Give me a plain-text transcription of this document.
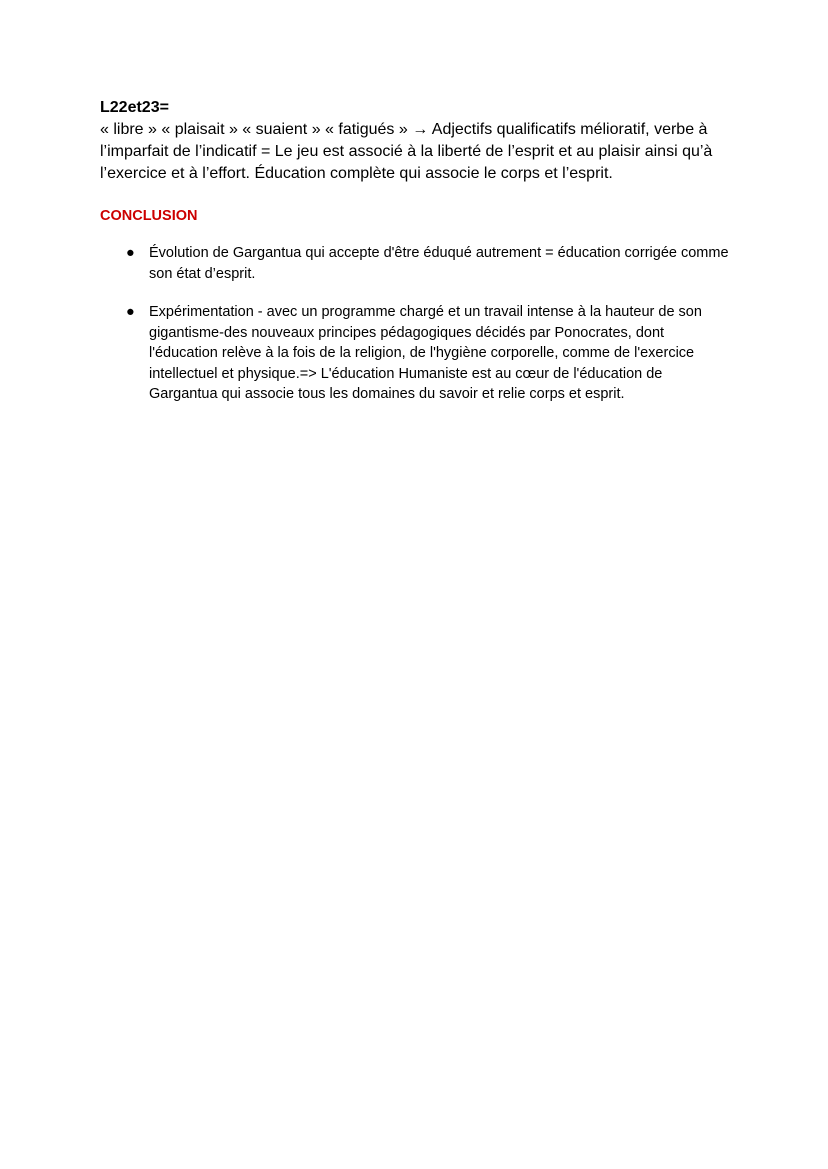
L22et23=

« libre » « plaisait » « suaient » « fatigués » → Adjectifs qualificatifs mélioratif, verbe à l’imparfait de l’indicatif = Le jeu est associé à la liberté de l’esprit et au plaisir ainsi qu’à l’exercice et à l’effort. Éducation complète qui associe le corps et l’esprit.

CONCLUSION

● Évolution de Gargantua qui accepte d'être éduqué autrement = éducation corrigée comme son état d’esprit.
● Expérimentation - avec un programme chargé et un travail intense à la hauteur de son gigantisme-des nouveaux principes pédagogiques décidés par Ponocrates, dont l'éducation relève à la fois de la religion, de l'hygiène corporelle, comme de l'exercice intellectuel et physique.=> L'éducation Humaniste est au cœur de l'éducation de Gargantua qui associe tous les domaines du savoir et relie corps et esprit.
